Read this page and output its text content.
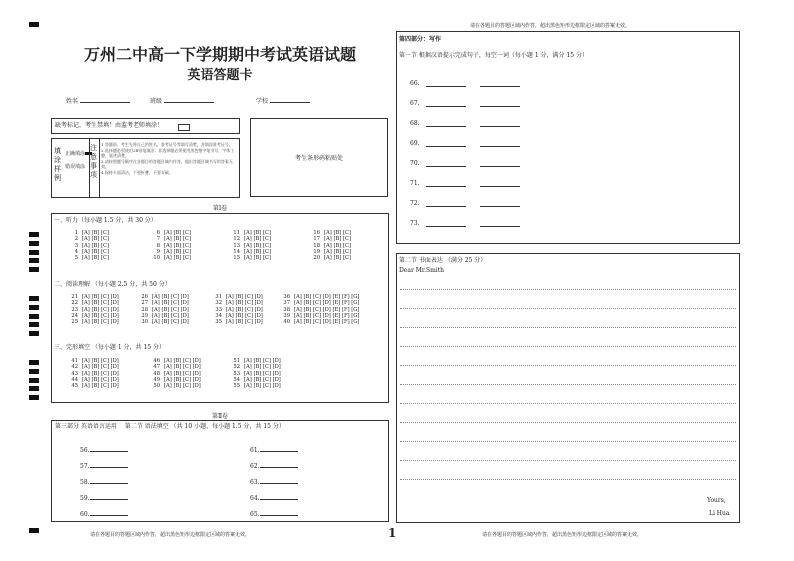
请在各题目的答题区域内作答，超出黑色矩形边框限定区域的答案无效。
万州二中高一下学期期中考试英语试题
英语答题卡
姓名	班级	学校
缺考标记，考生禁填！由监考老师填涂！
考生条形码粘贴处
填涂样例
正确填涂
错误填涂
注意事项
1.答题前，考生先将自己的姓名、准考证号等填写清楚，并填涂准考证号。
2.选择题必须使用2B铅笔填涂；非选择题必须使用黑色签字笔书写，字体工整，笔迹清楚。
3.请按照题号顺序在各题目的答题区域内作答，超出答题区域书写的答案无效。
4.保持卡面清洁，不要折叠，不要弄破。
第Ⅰ卷
一、听力（每小题 1.5 分，共 30 分）
二、阅读理解 （每小题 2.5 分，共 50 分）
三、完形填空 （每小题 1 分，共 15 分）
1 [A] [B] [C]
2 [A] [B] [C]
3 [A] [B] [C]
4 [A] [B] [C]
5 [A] [B] [C]
6 [A] [B] [C]
7 [A] [B] [C]
8 [A] [B] [C]
9 [A] [B] [C]
10 [A] [B] [C]
11 [A] [B] [C]
12 [A] [B] [C]
13 [A] [B] [C]
14 [A] [B] [C]
15 [A] [B] [C]
16 [A] [B] [C]
17 [A] [B] [C]
18 [A] [B] [C]
19 [A] [B] [C]
20 [A] [B] [C]
21 [A] [B] [C] [D]
22 [A] [B] [C] [D]
23 [A] [B] [C] [D]
24 [A] [B] [C] [D]
25 [A] [B] [C] [D]
26 [A] [B] [C] [D]
27 [A] [B] [C] [D]
28 [A] [B] [C] [D]
29 [A] [B] [C] [D]
30 [A] [B] [C] [D]
31 [A] [B] [C] [D]
32 [A] [B] [C] [D]
33 [A] [B] [C] [D]
34 [A] [B] [C] [D]
35 [A] [B] [C] [D]
36 [A] [B] [C] [D] [E] [F] [G]
37 [A] [B] [C] [D] [E] [F] [G]
38 [A] [B] [C] [D] [E] [F] [G]
39 [A] [B] [C] [D] [E] [F] [G]
40 [A] [B] [C] [D] [E] [F] [G]
41 [A] [B] [C] [D]
42 [A] [B] [C] [D]
43 [A] [B] [C] [D]
44 [A] [B] [C] [D]
45 [A] [B] [C] [D]
46 [A] [B] [C] [D]
47 [A] [B] [C] [D]
48 [A] [B] [C] [D]
49 [A] [B] [C] [D]
50 [A] [B] [C] [D]
51 [A] [B] [C] [D]
52 [A] [B] [C] [D]
53 [A] [B] [C] [D]
54 [A] [B] [C] [D]
55 [A] [B] [C] [D]
第Ⅱ卷
第三部分 英语语言运用　 第二节 语法填空 （共 10 小题，每小题 1.5 分，共 15 分）
56.
57.
58.
59.
60.
61.
62.
63.
64.
65.
请在各题目的答题区域内作答，超出黑色矩形边框限定区域的答案无效。	1	请在各题目的答题区域内作答，超出黑色矩形边框限定区域的答案无效。
第四部分：写作
第一节 根据汉语提示完成句子，每空一词（每小题 1 分，满分 15 分）
66.
67.
68.
69.
70.
71.
72.
73.
第二节 书面表达 （满分 25 分）
Dear Mr.Smith
Yours,
Li Hua
